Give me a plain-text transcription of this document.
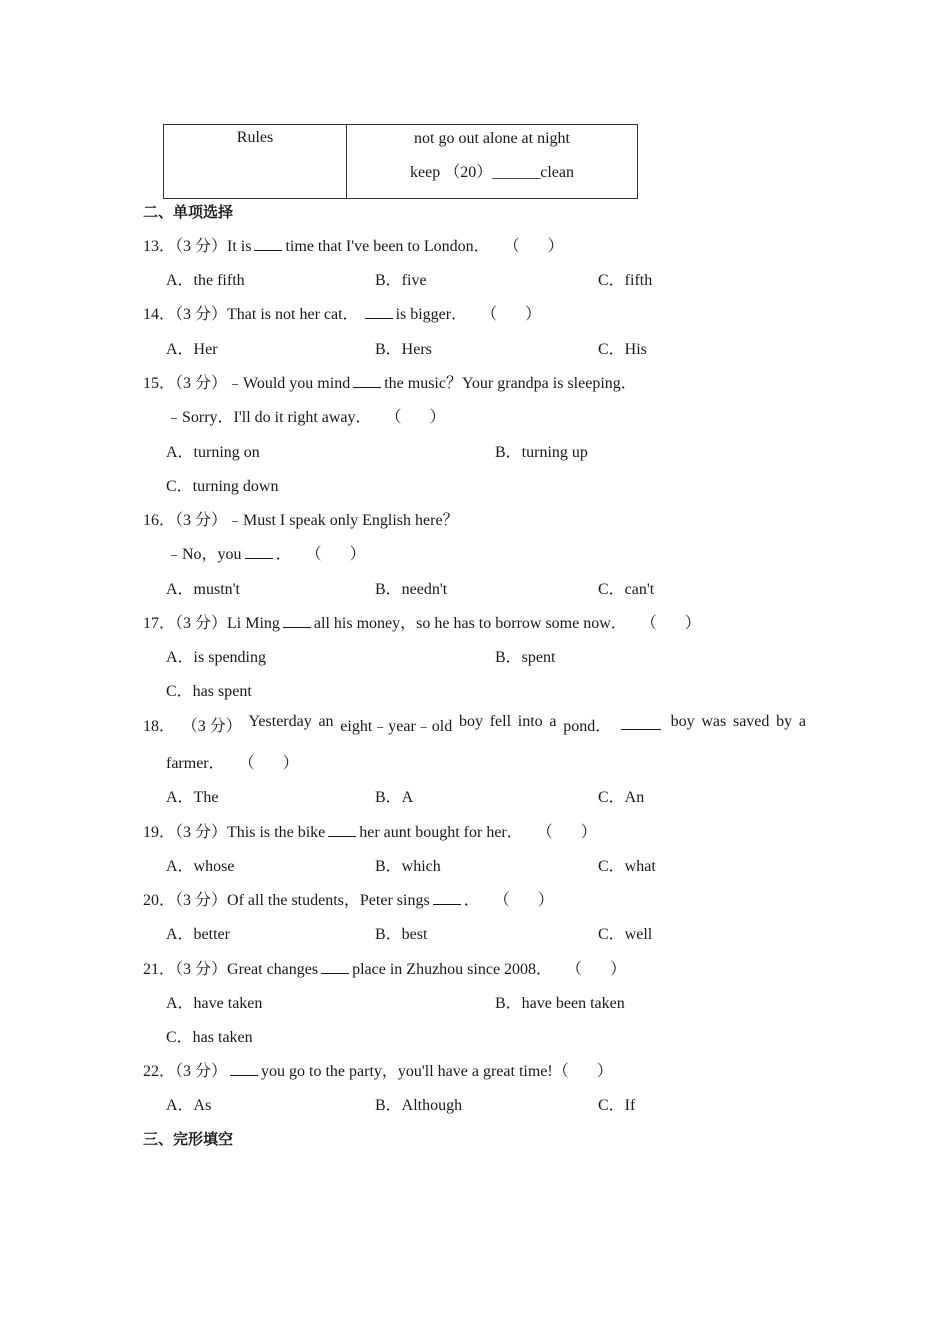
Rules	not go out alone at night
keep （20）______clean
二、单项选择
13．（3 分）It is time that I've been to London． （ ）
A．the fifth	B．five	C．fifth
14．（3 分）That is not her cat． is bigger． （ ）
A．Her	B．Hers	C．His
15．（3 分）﹣Would you mind the music？Your grandpa is sleeping．
﹣Sorry．I'll do it right away． （ ）
A．turning on	B．turning up
C．turning down
16．（3 分）﹣Must I speak only English here？
﹣No，you ． （ ）
A．mustn't	B．needn't	C．can't
17．（3 分）Li Ming all his money，so he has to borrow some now． （ ）
A．is spending	B．spent
C．has spent
18． （3 分） Yesterday an eight﹣year﹣old boy fell into a pond．	boy was saved by a
farmer． （ ）
A．The	B．A	C．An
19．（3 分）This is the bike her aunt bought for her． （ ）
A．whose	B．which	C．what
20．（3 分）Of all the students，Peter sings ． （ ）
A．better	B．best	C．well
21．（3 分）Great changes place in Zhuzhou since 2008． （ ）
A．have taken	B．have been taken
C．has taken
22．（3 分） you go to the party，you'll have a great time!（ ）
A．As	B．Although	C．If
三、完形填空
